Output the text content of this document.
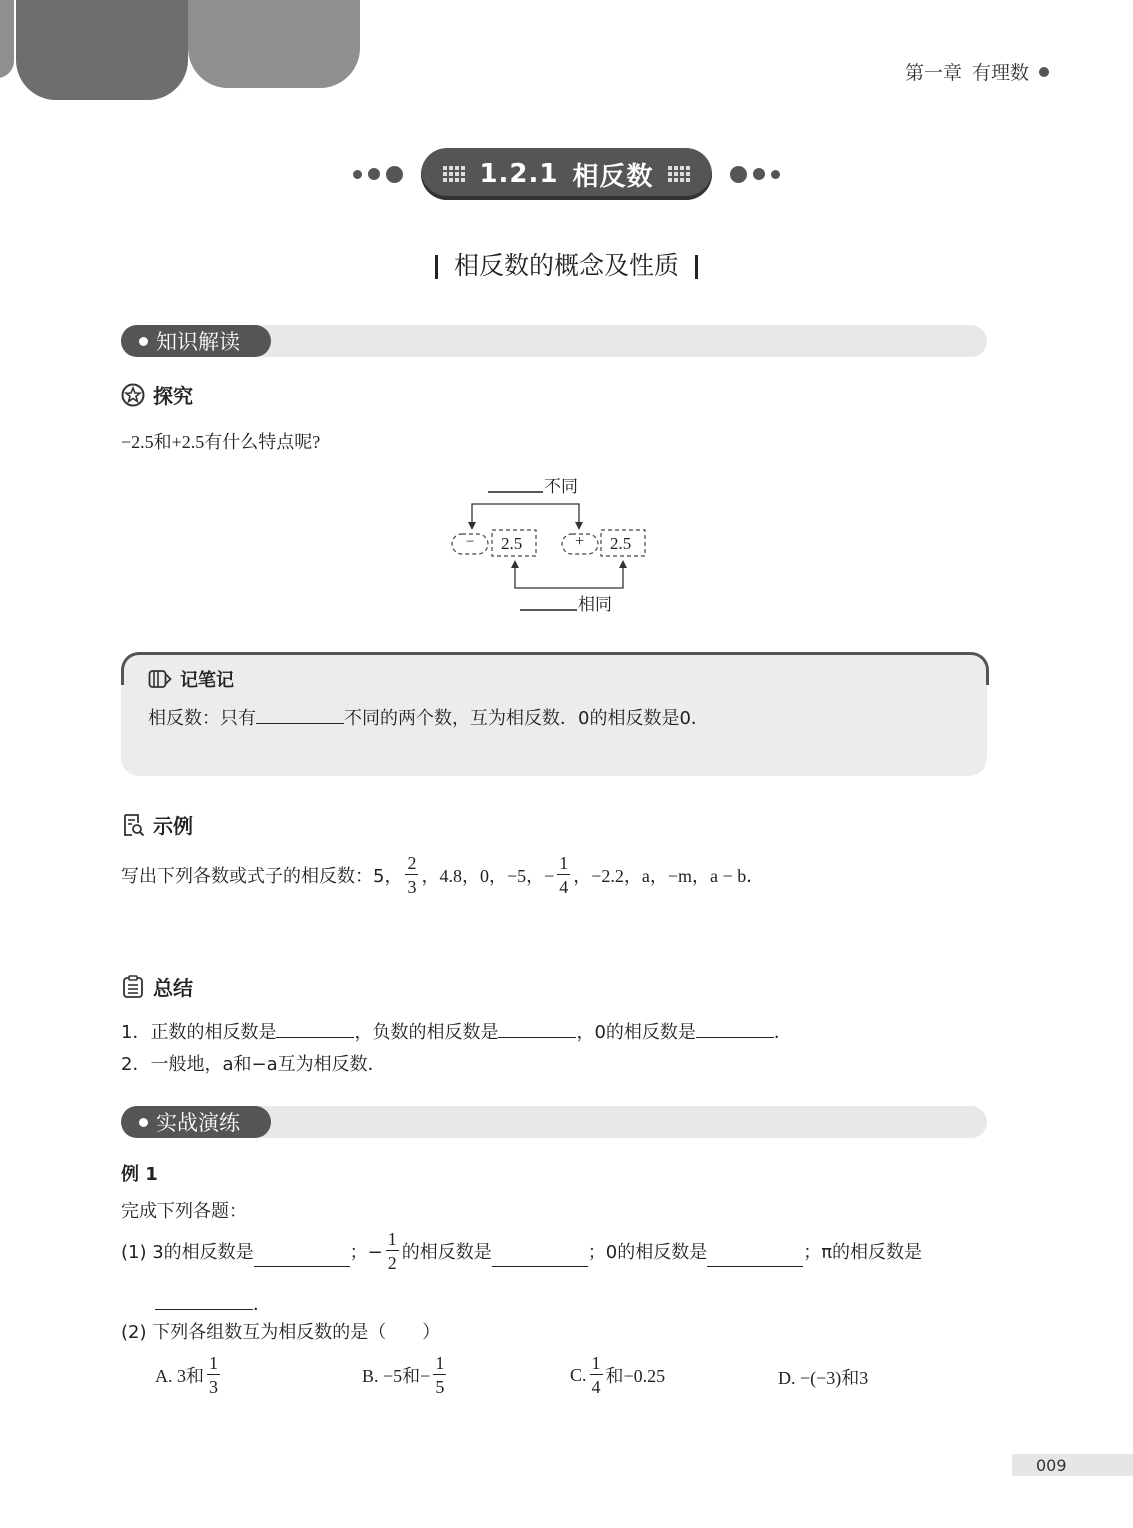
第一章 有理数
1.2.1 相反数
相反数的概念及性质
知识解读
探究
−2.5和+2.5有什么特点呢?
不同
− 2.5	+ 2.5
相同
记笔记
相反数：只有	不同的两个数，互为相反数．0的相反数是0．
示例
写出下列各数或式子的相反数：5， $\frac{2}{3}$ ，4.8，0，−5，− $\frac{1}{4}$ ，−2.2，a，−m，a − b．
总结
1．正数的相反数是	，负数的相反数是	，0的相反数是	．
2．一般地，a和−a互为相反数．
实战演练
例 1
完成下列各题：
(1) 3的相反数是	；− $\frac{1}{2}$ 的相反数是	；0的相反数是	；π的相反数是
．
(2) 下列各组数互为相反数的是（　　）
A. 3和 $\frac{1}{3}$	B. −5和− $\frac{1}{5}$	C. $\frac{1}{4}$ 和−0.25	D. −(−3)和3
009
